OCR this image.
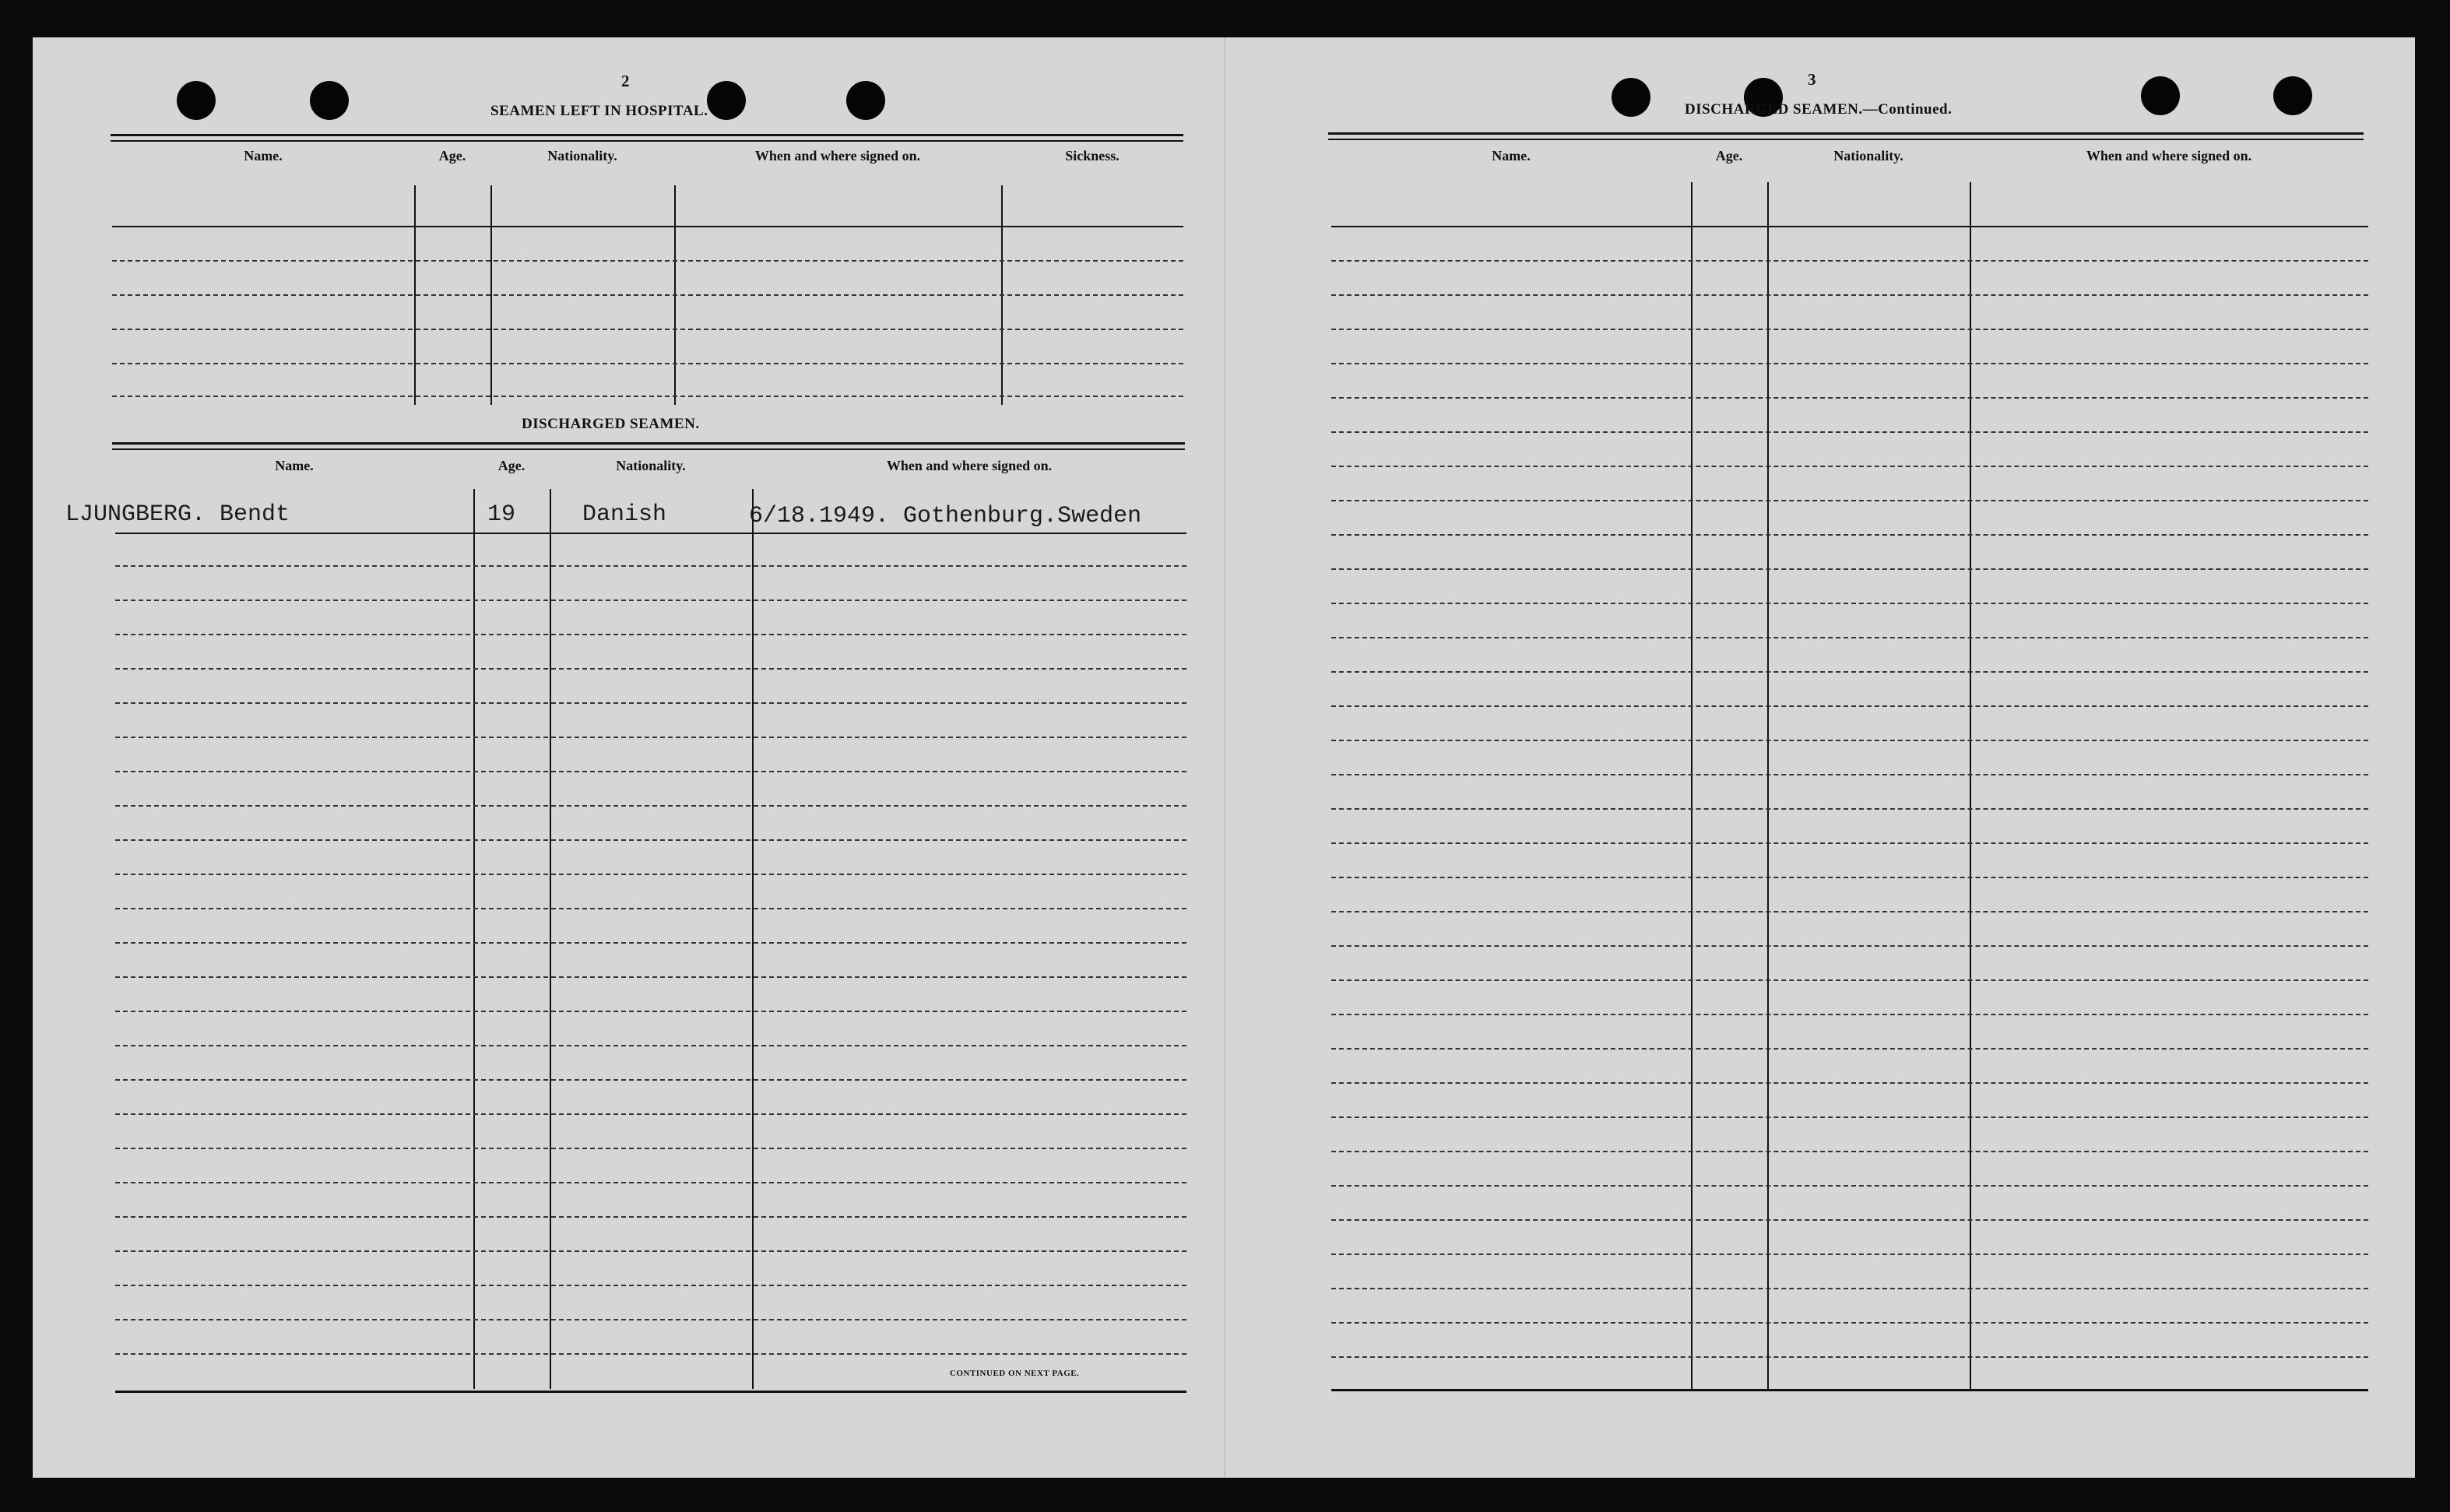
2
SEAMEN LEFT IN HOSPITAL.
Name.	Age.	Nationality.	When and where signed on.	Sickness.
DISCHARGED SEAMEN.
Name.	Age.	Nationality.	When and where signed on.
LJUNGBERG. Bendt	19	Danish	6/18.1949. Gothenburg.Sweden
CONTINUED ON NEXT PAGE.
3
DISCHARGED SEAMEN.—Continued.
Name.	Age.	Nationality.	When and where signed on.
